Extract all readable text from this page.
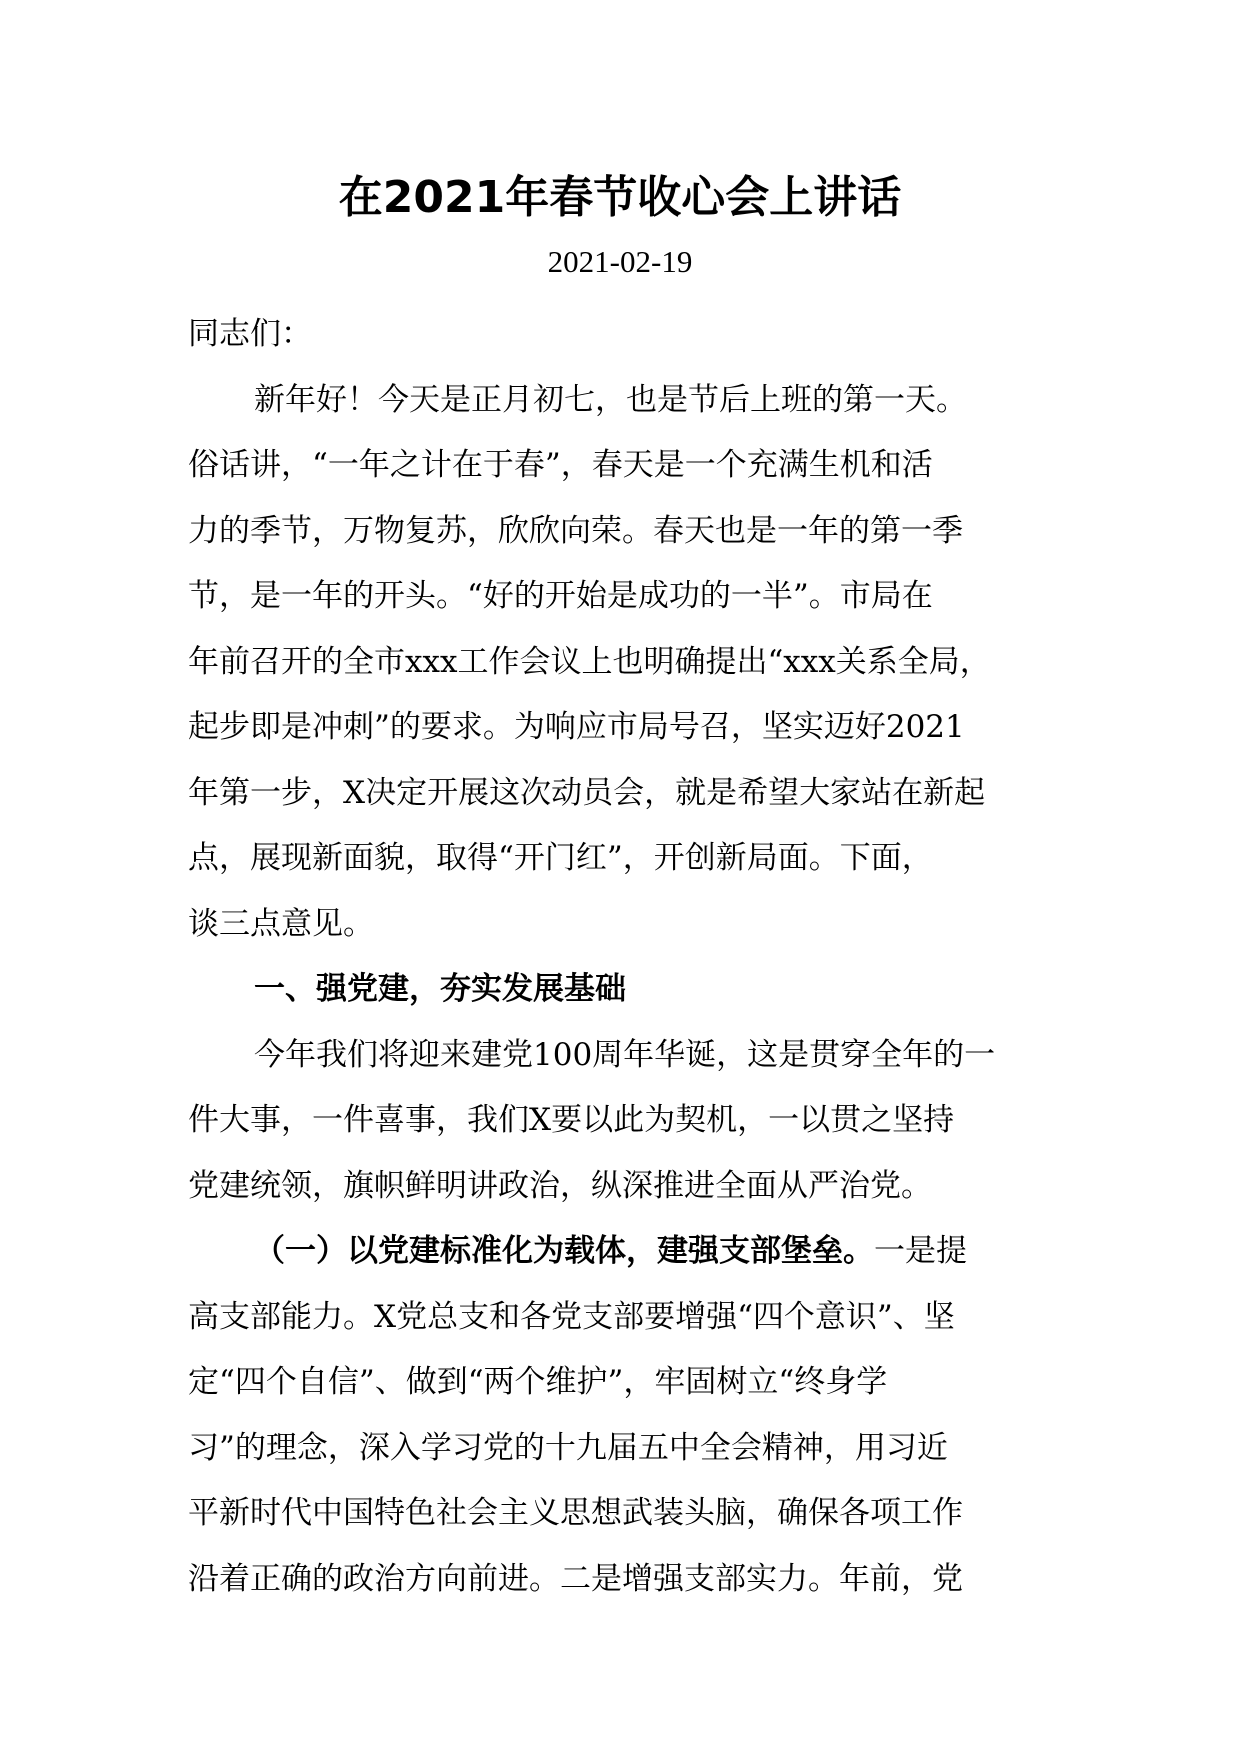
在2021年春节收心会上讲话
2021-02-19
同志们：
新年好！今天是正月初七，也是节后上班的第一天。
俗话讲，“一年之计在于春”，春天是一个充满生机和活
力的季节，万物复苏，欣欣向荣。春天也是一年的第一季
节，是一年的开头。“好的开始是成功的一半”。市局在
年前召开的全市xxx工作会议上也明确提出“xxx关系全局，
起步即是冲刺”的要求。为响应市局号召，坚实迈好2021
年第一步，X决定开展这次动员会，就是希望大家站在新起
点，展现新面貌，取得“开门红”，开创新局面。下面，
谈三点意见。
一、强党建，夯实发展基础
今年我们将迎来建党100周年华诞，这是贯穿全年的一
件大事，一件喜事，我们X要以此为契机，一以贯之坚持
党建统领，旗帜鲜明讲政治，纵深推进全面从严治党。
（一）以党建标准化为载体，建强支部堡垒。一是提
高支部能力。X党总支和各党支部要增强“四个意识”、坚
定“四个自信”、做到“两个维护”，牢固树立“终身学
习”的理念，深入学习党的十九届五中全会精神，用习近
平新时代中国特色社会主义思想武装头脑，确保各项工作
沿着正确的政治方向前进。二是增强支部实力。年前，党
